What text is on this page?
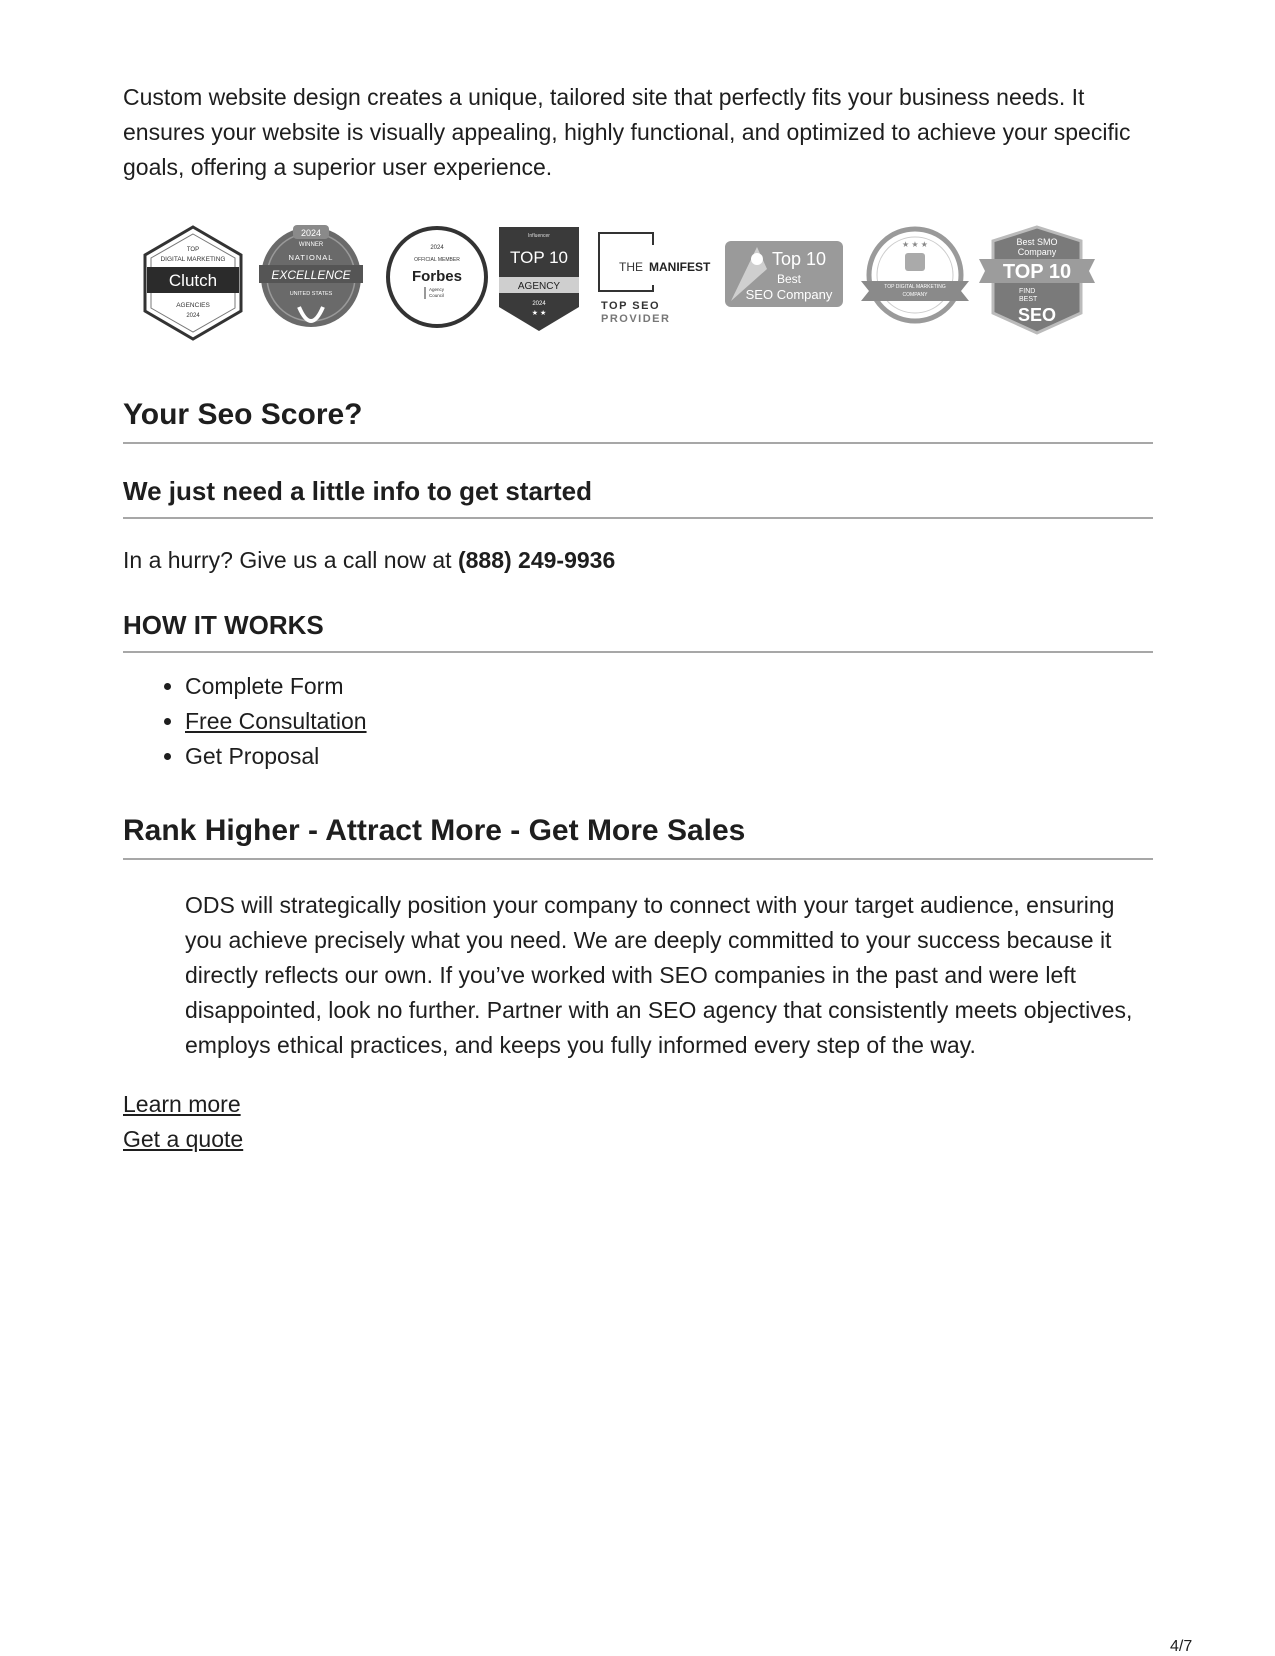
Custom website design creates a unique, tailored site that perfectly fits your business needs. It ensures your website is visually appealing, highly functional, and optimized to achieve your specific goals, offering a superior user experience.

TOP
DIGITAL MARKETING
Clutch
AGENCIES
2024
2024
WINNER
NATIONAL
EXCELLENCE
UNITED STATES
2024
OFFICIAL MEMBER
Forbes
Agency
Council
Influencer
TOP 10
AGENCY
2024
★ ★
THE MANIFEST
TOP SEO
PROVIDER
Top 10
Best
SEO Company
★ ★ ★
TOP DIGITAL MARKETING
COMPANY
Best SMO
Company
TOP 10
FIND
BEST
SEO
Your Seo Score?
We just need a little info to get started

In a hurry? Give us a call now at (888) 249-9936

HOW IT WORKS
• Complete Form
• Free Consultation
• Get Proposal
Rank Higher - Attract More - Get More Sales

ODS will strategically position your company to connect with your target audience, ensuring you achieve precisely what you need. We are deeply committed to your success because it directly reflects our own. If you’ve worked with SEO companies in the past and were left disappointed, look no further. Partner with an SEO agency that consistently meets objectives, employs ethical practices, and keeps you fully informed every step of the way.

Learn more
Get a quote
4/7
